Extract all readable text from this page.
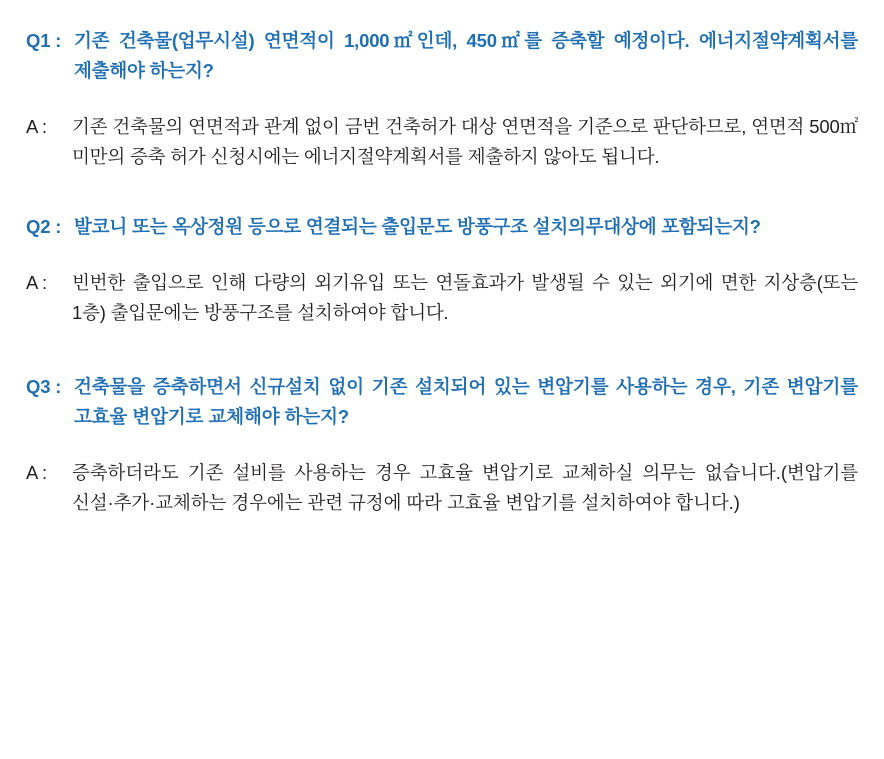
Q1 : 기존 건축물(업무시설) 연면적이 1,000㎡인데, 450㎡를 증축할 예정이다. 에너지절약계획서를 제출해야 하는지?
A :	기존 건축물의 연면적과 관계 없이 금번 건축허가 대상 연면적을 기준으로 판단하므로, 연면적 500㎡ 미만의 증축 허가 신청시에는 에너지절약계획서를 제출하지 않아도 됩니다.
Q2 : 발코니 또는 옥상정원 등으로 연결되는 출입문도 방풍구조 설치의무대상에 포함되는지?
A :	빈번한 출입으로 인해 다량의 외기유입 또는 연돌효과가 발생될 수 있는 외기에 면한 지상층(또는 1층) 출입문에는 방풍구조를 설치하여야 합니다.
Q3 : 건축물을 증축하면서 신규설치 없이 기존 설치되어 있는 변압기를 사용하는 경우, 기존 변압기를 고효율 변압기로 교체해야 하는지?
A :	증축하더라도 기존 설비를 사용하는 경우 고효율 변압기로 교체하실 의무는 없습니다.(변압기를 신설·추가·교체하는 경우에는 관련 규정에 따라 고효율 변압기를 설치하여야 합니다.)
